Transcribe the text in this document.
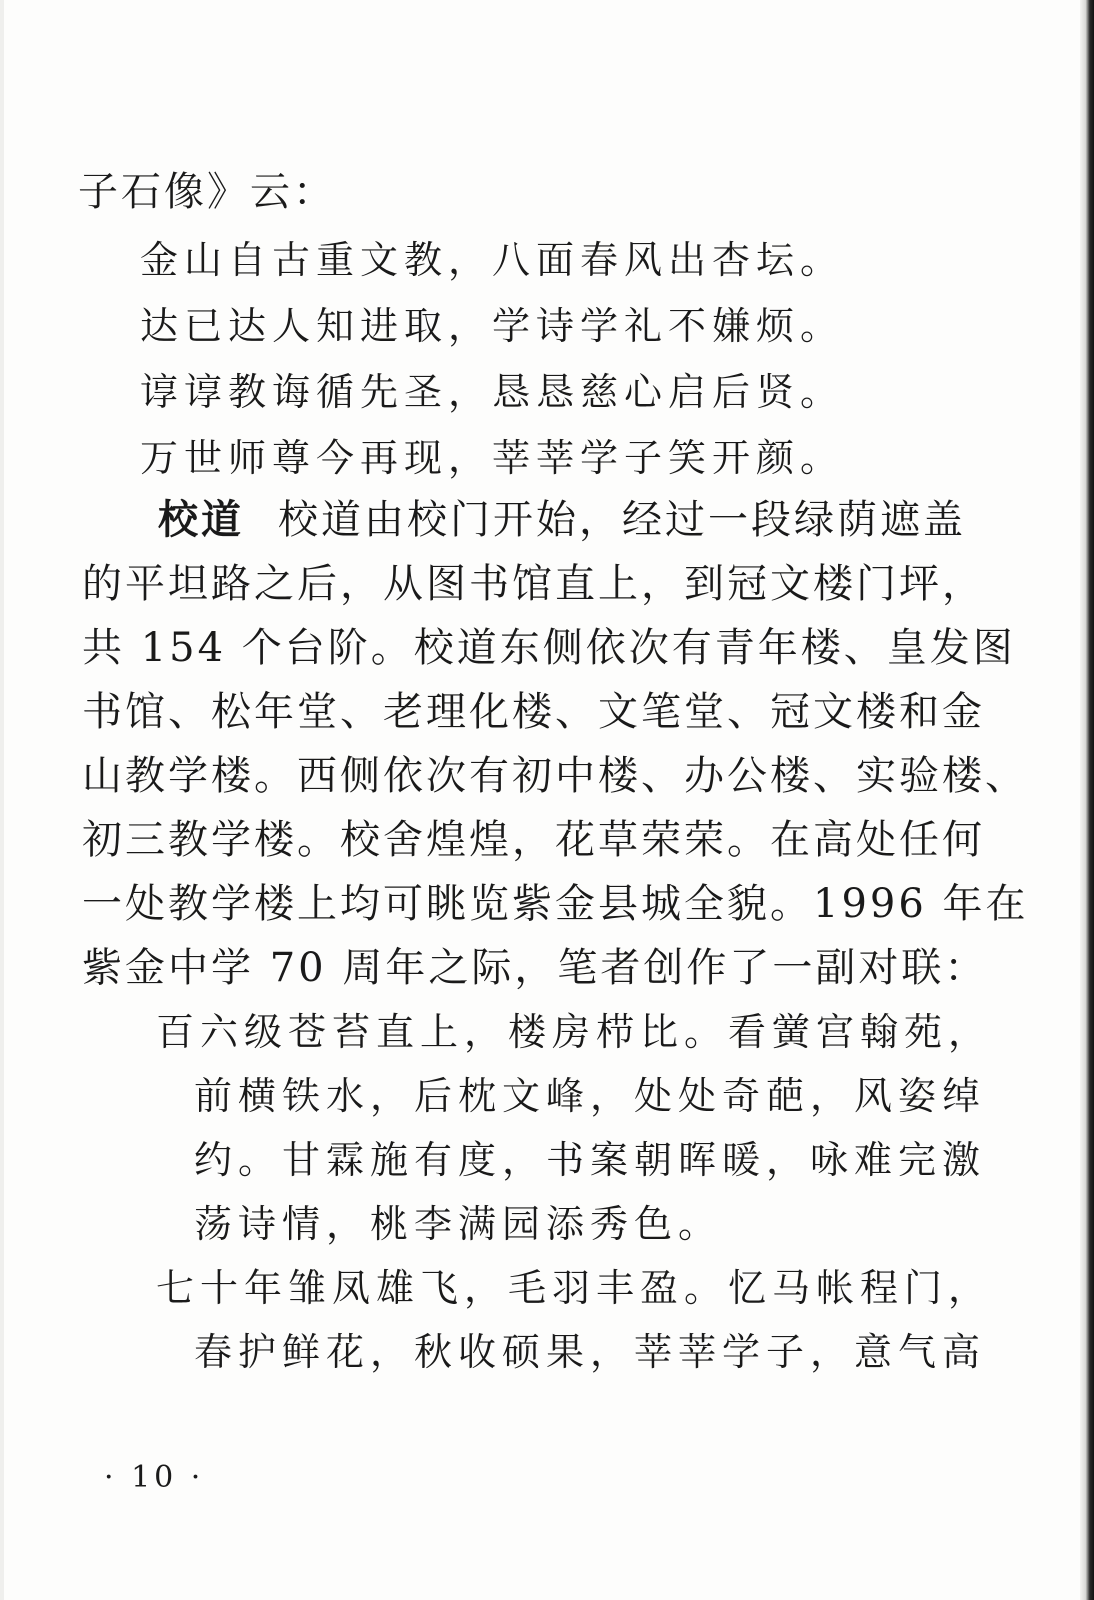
子石像》云：
金山自古重文教，八面春风出杏坛。
达已达人知进取，学诗学礼不嫌烦。
谆谆教诲循先圣，恳恳慈心启后贤。
万世师尊今再现，莘莘学子笑开颜。
校道 校道由校门开始，经过一段绿荫遮盖
的平坦路之后，从图书馆直上，到冠文楼门坪，
共 154 个台阶。校道东侧依次有青年楼、皇发图
书馆、松年堂、老理化楼、文笔堂、冠文楼和金
山教学楼。西侧依次有初中楼、办公楼、实验楼、
初三教学楼。校舍煌煌，花草荣荣。在高处任何
一处教学楼上均可眺览紫金县城全貌。1996 年在
紫金中学 70 周年之际，笔者创作了一副对联：
百六级苍苔直上，楼房栉比。看黉宫翰苑，
前横铁水，后枕文峰，处处奇葩，风姿绰
约。甘霖施有度，书案朝晖暖，咏难完激
荡诗情，桃李满园添秀色。
七十年雏凤雄飞，毛羽丰盈。忆马帐程门，
春护鲜花，秋收硕果，莘莘学子，意气高
· 10 ·
